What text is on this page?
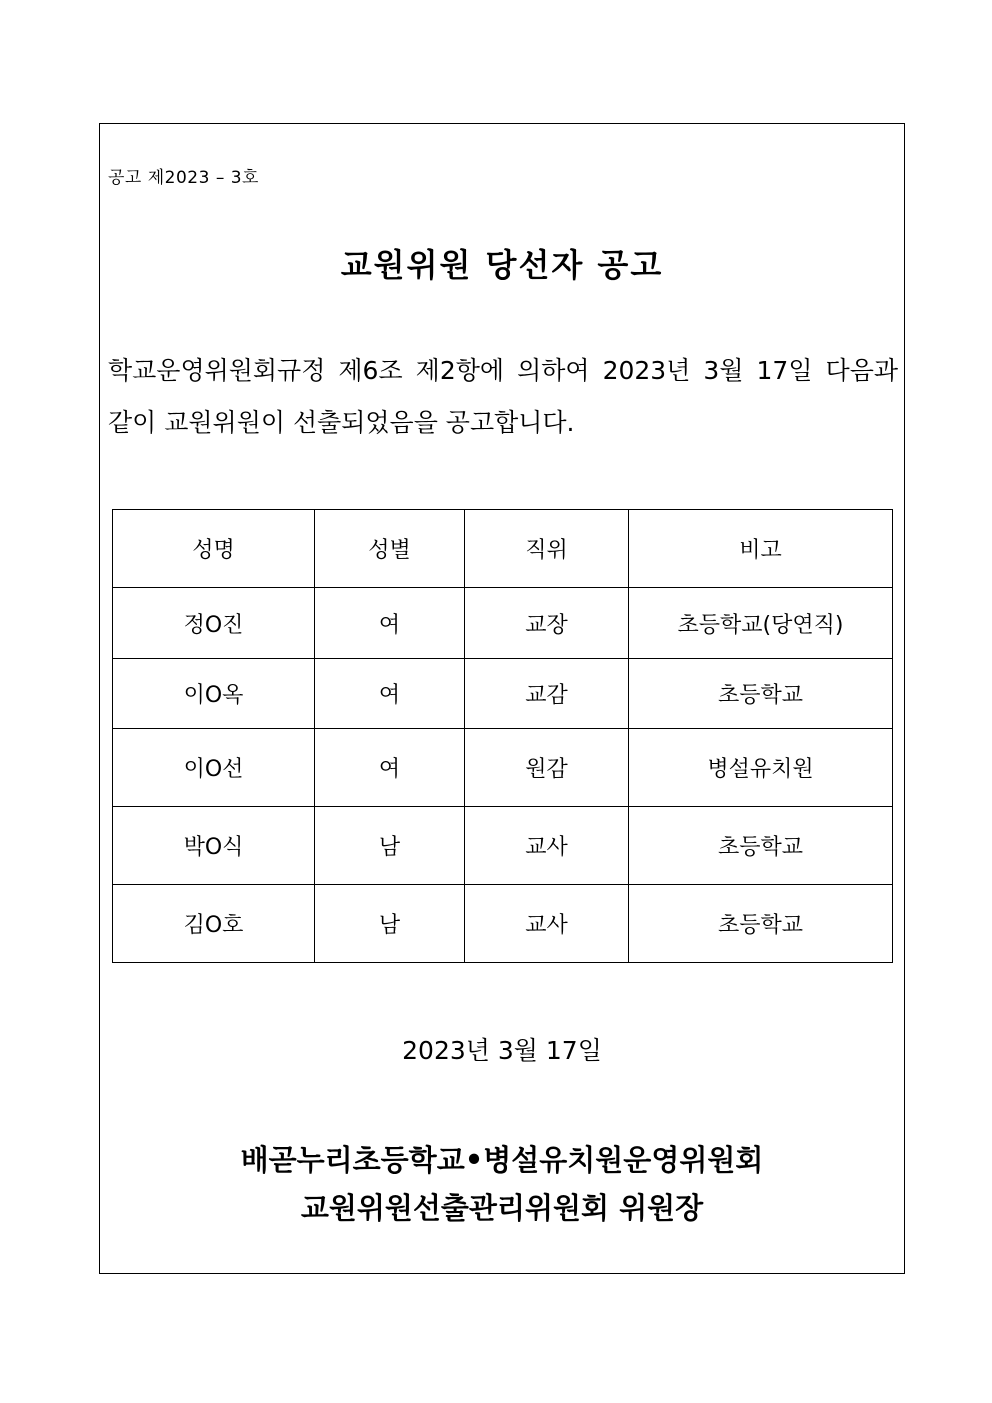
공고 제2023 – 3호
교원위원 당선자 공고
학교운영위원회규정 제6조 제2항에 의하여 2023년 3월 17일 다음과
같이 교원위원이 선출되었음을 공고합니다.
성명	성별	직위	비고
정O진	여	교장	초등학교(당연직)
이O옥	여	교감	초등학교
이O선	여	원감	병설유치원
박O식	남	교사	초등학교
김O호	남	교사	초등학교
2023년 3월 17일
배곧누리초등학교•병설유치원운영위원회
교원위원선출관리위원회 위원장
